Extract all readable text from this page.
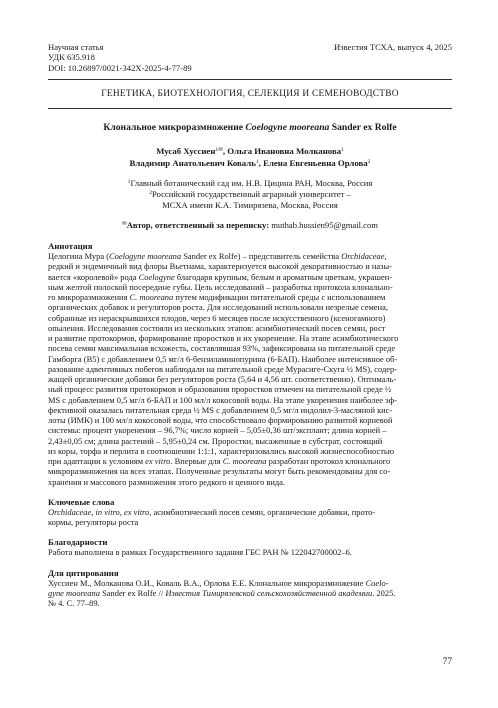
Научная статья	Известия ТСХА, выпуск 4, 2025
УДК 635.918
DOI: 10.26897/0021-342X-2025-4-77-89
ГЕНЕТИКА, БИОТЕХНОЛОГИЯ, СЕЛЕКЦИЯ И СЕМЕНОВОДСТВО
Клональное микроразмножение Coelogyne mooreana Sander ex Rolfe
Мусаб Хуссиен$^{1✉}$, Ольга Ивановна Молканова$^1$
Владимир Анатольевич Коваль$^1$, Елена Евгеньевна Орлова$^2$
$^1$Главный ботанический сад им. Н.В. Цицина РАН, Москва, Россия
$^2$Российский государственный аграрный университет –
МСХА имени К.А. Тимирязева, Москва, Россия
✉Автор, ответственный за переписку: muthab.hussien95@gmail.com
Аннотация

Целогина Мура (Coelogyne mooreana Sander ex Rolfe) – представитель семейства Orchidaceae,

редкий и эндемичный вид флоры Вьетнама, характеризуется высокой декоративностью и назы-

вается «королевой» рода Coelogyne благодаря крупным, белым и ароматным цветкам, украшен-

ным желтой полоской посередине губы. Цель исследований – разработка протокола клонально-

го микроразмножения C. mooreana путем модификации питательной среды с использованием

органических добавок и регуляторов роста. Для исследований использовали незрелые семена,

собранные из нераскрывшихся плодов, через 6 месяцев после искусственного (ксеногамного)

опыления. Исследования состояли из нескольких этапов: асимбиотический посев семян, рост

и развитие протокормов, формирование проростков и их укоренение. На этапе асимбиотического

посева семян максимальная всхожесть, составлявшая 93%, зафиксирована на питательной среде

Гамборга (B5) с добавлением 0,5 мг/л 6-бензиламинопурина (6-БАП). Наиболее интенсивное об-

разование адвентивных побегов наблюдали на питательной среде Мурасиге-Скуга ½ MS), содер-

жащей органические добавки без регуляторов роста (5,64 и 4,56 шт. соответственно). Оптималь-

ный процесс развития протокормов и образования проростков отмечен на питательной среде ½

MS с добавлением 0,5 мг/л 6-БАП и 100 мл/л кокосовой воды. На этапе укоренения наиболее эф-

фективной оказалась питательная среда ½ MS с добавлением 0,5 мг/л индолил-3-масляной кис-

лоты (ИМК) и 100 мл/л кокосовой воды, что способствовало формированию развитой корневой

системы: процент укоренения – 96,7%; число корней – 5,05±0,36 шт/эксплант; длина корней –

2,43±0,05 см; длина растений – 5,95±0,24 см. Проростки, высаженные в субстрат, состоящий

из коры, торфа и перлита в соотношении 1:1:1, характеризовались высокой жизнеспособностью

при адаптации к условиям ex vitro. Впервые для C. mooreana разработан протокол клонального

микроразмножения на всех этапах. Полученные результаты могут быть рекомендованы для со-

хранения и массового размножения этого редкого и ценного вида.

Ключевые слова

Orchidaceae, in vitro, ex vitro, асимбиотический посев семян, органические добавки, прото-

кормы, регуляторы роста

Благодарности

Работа выполнена в рамках Государственного задания ГБС РАН № 122042700002–6.

Для цитирования

Хуссиен М., Молканова О.И., Коваль В.А., Орлова Е.Е. Клональное микроразмножение Coelo-

gyne mooreana Sander ex Rolfe // Известия Тимирязевской сельскохозяйственной академии. 2025.

№ 4. С. 77–89.

77
